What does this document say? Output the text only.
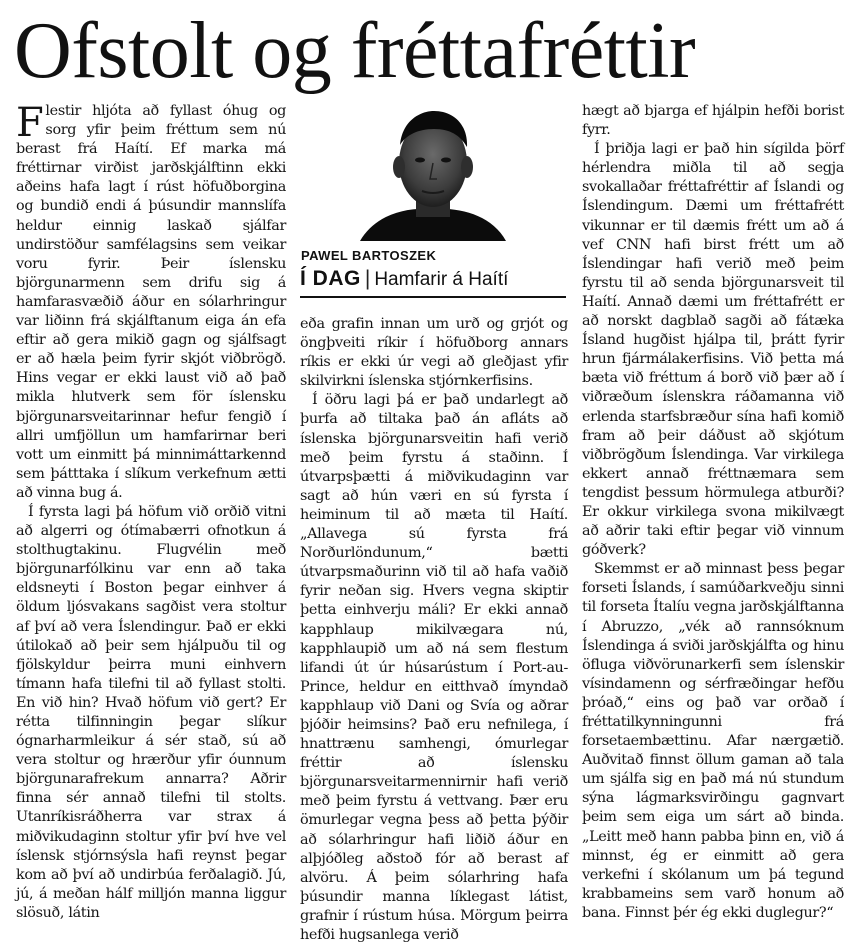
Ofstolt og fréttafréttir

Flestir hljóta að fyllast óhug og sorg yfir þeim fréttum sem nú berast frá Haítí. Ef marka má fréttirnar virðist jarðskjálftinn ekki aðeins hafa lagt í rúst höfuðborgina og bundið endi á þúsundir mannslífa heldur einnig laskað sjálfar undirstöður samfélagsins sem veikar voru fyrir. Þeir íslensku björgunarmenn sem drifu sig á hamfarasvæðið áður en sólarhringur var liðinn frá skjálftanum eiga án efa eftir að gera mikið gagn og sjálfsagt er að hæla þeim fyrir skjót viðbrögð. Hins vegar er ekki laust við að það mikla hlutverk sem för íslensku björgunarsveitarinnar hefur fengið í allri umfjöllun um hamfarirnar beri vott um einmitt þá minnimáttarkennd sem þátttaka í slíkum verkefnum ætti að vinna bug á.

Í fyrsta lagi þá höfum við orðið vitni að algerri og ótímabærri ofnotkun á stolthugtakinu. Flugvélin með björgunarfólkinu var enn að taka eldsneyti í Boston þegar einhver á öldum ljósvakans sagðist vera stoltur af því að vera Íslendingur. Það er ekki útilokað að þeir sem hjálpuðu til og fjölskyldur þeirra muni einhvern tímann hafa tilefni til að fyllast stolti. En við hin? Hvað höfum við gert? Er rétta tilfinningin þegar slíkur ógnarharmleikur á sér stað, sú að vera stoltur og hrærður yfir óunnum björgunarafrekum annarra? Aðrir finna sér annað tilefni til stolts. Utanríkisráðherra var strax á miðvikudaginn stoltur yfir því hve vel íslensk stjórnsýsla hafi reynst þegar kom að því að undirbúa ferðalagið. Jú, jú, á meðan hálf milljón manna liggur slösuð, látin

PAWEL BARTOSZEK
Í DAG | Hamfarir á Haítí

eða grafin innan um urð og grjót og öngþveiti ríkir í höfuðborg annars ríkis er ekki úr vegi að gleðjast yfir skilvirkni íslenska stjórnkerfisins.

Í öðru lagi þá er það undarlegt að þurfa að tiltaka það án afláts að íslenska björgunarsveitin hafi verið með þeim fyrstu á staðinn. Í útvarpsþætti á miðvikudaginn var sagt að hún væri en sú fyrsta í heiminum til að mæta til Haítí. „Allavega sú fyrsta frá Norðurlöndunum,“ bætti útvarpsmaðurinn við til að hafa vaðið fyrir neðan sig. Hvers vegna skiptir þetta einhverju máli? Er ekki annað kapphlaup mikilvægara nú, kapphlaupið um að ná sem flestum lifandi út úr húsarústum í Port-au-Prince, heldur en eitthvað ímyndað kapphlaup við Dani og Svía og aðrar þjóðir heimsins? Það eru nefnilega, í hnattrænu samhengi, ómurlegar fréttir að íslensku björgunarsveitarmennirnir hafi verið með þeim fyrstu á vettvang. Þær eru ömurlegar vegna þess að þetta þýðir að sólarhringur hafi liðið áður en alþjóðleg aðstoð fór að berast af alvöru. Á þeim sólarhring hafa þúsundir manna líklegast látist, grafnir í rústum húsa. Mörgum þeirra hefði hugsanlega verið

hægt að bjarga ef hjálpin hefði borist fyrr.

Í þriðja lagi er það hin sígilda þörf hérlendra miðla til að segja svokallaðar fréttafréttir af Íslandi og Íslendingum. Dæmi um fréttafrétt vikunnar er til dæmis frétt um að á vef CNN hafi birst frétt um að Íslendingar hafi verið með þeim fyrstu til að senda björgunarsveit til Haítí. Annað dæmi um fréttafrétt er að norskt dagblað sagði að fátæka Ísland hugðist hjálpa til, þrátt fyrir hrun fjármálakerfisins. Við þetta má bæta við fréttum á borð við þær að í viðræðum íslenskra ráðamanna við erlenda starfsbræður sína hafi komið fram að þeir dáðust að skjótum viðbrögðum Íslendinga. Var virkilega ekkert annað fréttnæmara sem tengdist þessum hörmulega atburði? Er okkur virkilega svona mikilvægt að aðrir taki eftir þegar við vinnum góðverk?

Skemmst er að minnast þess þegar forseti Íslands, í samúðarkveðju sinni til forseta Ítalíu vegna jarðskjálftanna í Abruzzo, „vék að rannsóknum Íslendinga á sviði jarðskjálfta og hinu öfluga viðvörunarkerfi sem íslenskir vísindamenn og sérfræðingar hefðu þróað,“ eins og það var orðað í fréttatilkynningunni frá forsetaembættinu. Afar nærgætið. Auðvitað finnst öllum gaman að tala um sjálfa sig en það má nú stundum sýna lágmarksvirðingu gagnvart þeim sem eiga um sárt að binda. „Leitt með hann pabba þinn en, við á minnst, ég er einmitt að gera verkefni í skólanum um þá tegund krabbameins sem varð honum að bana. Finnst þér ég ekki duglegur?“
